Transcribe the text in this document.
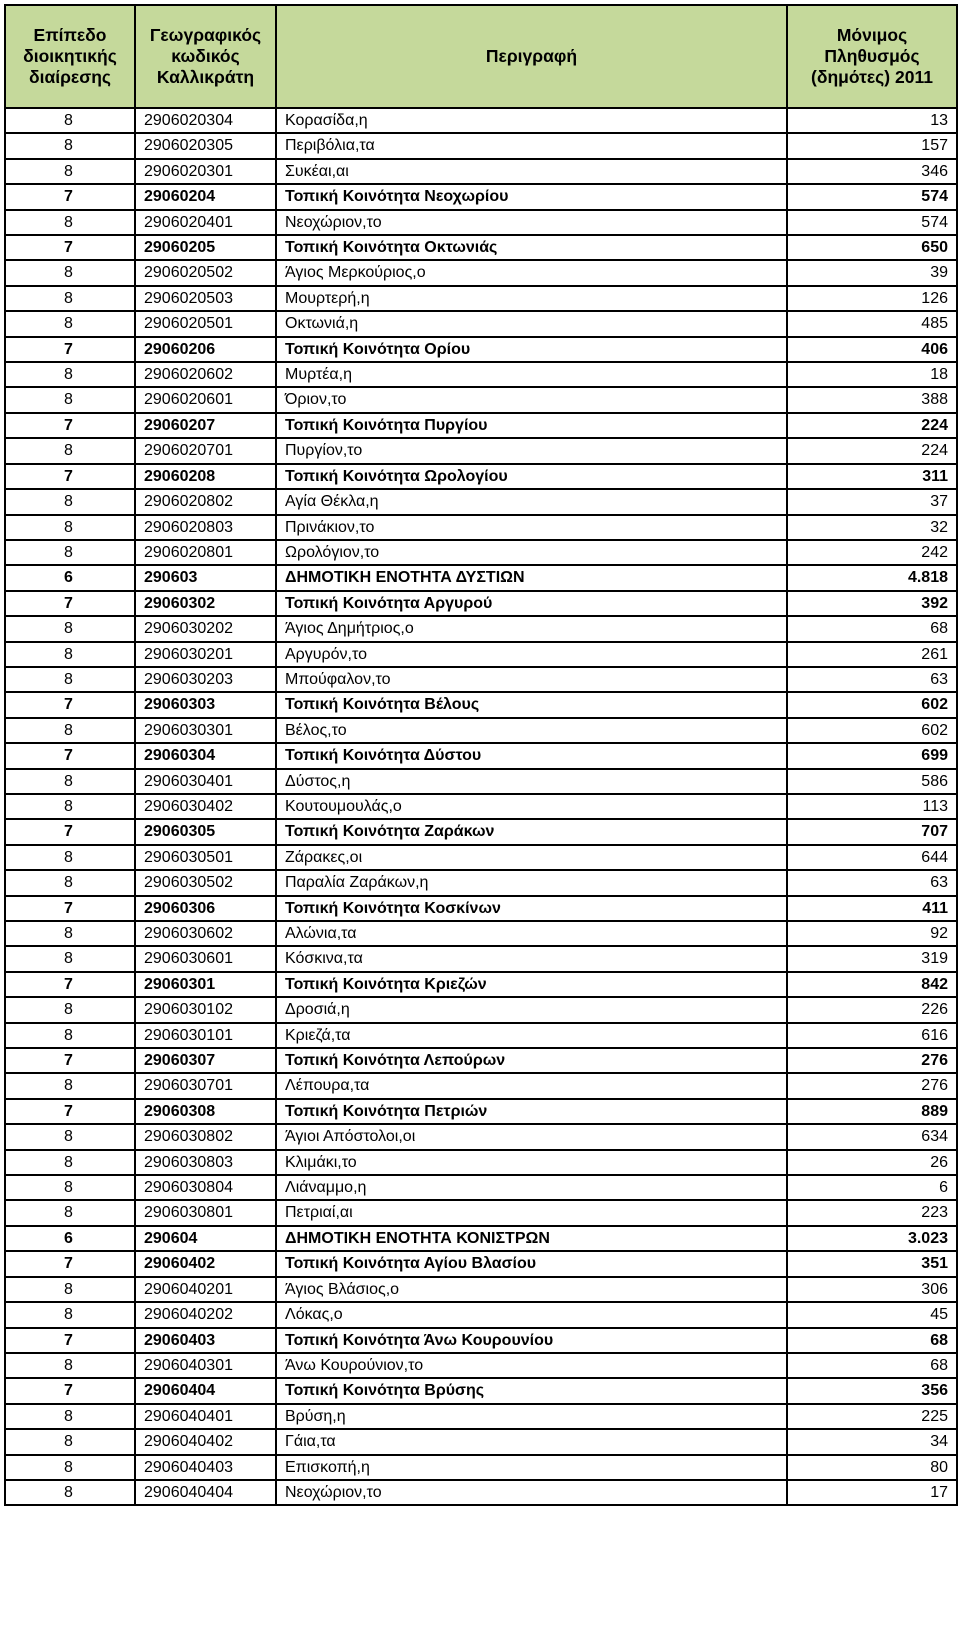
Επίπεδο διοικητικής διαίρεσης	Γεωγραφικός κωδικός Καλλικράτη	Περιγραφή	Μόνιμος Πληθυσμός (δημότες) 2011
8	2906020304	Κορασίδα,η	13
8	2906020305	Περιβόλια,τα	157
8	2906020301	Συκέαι,αι	346
7	29060204	Τοπική Κοινότητα Νεοχωρίου	574
8	2906020401	Νεοχώριον,το	574
7	29060205	Τοπική Κοινότητα Οκτωνιάς	650
8	2906020502	Άγιος Μερκούριος,ο	39
8	2906020503	Μουρτερή,η	126
8	2906020501	Οκτωνιά,η	485
7	29060206	Τοπική Κοινότητα Ορίου	406
8	2906020602	Μυρτέα,η	18
8	2906020601	Όριον,το	388
7	29060207	Τοπική Κοινότητα Πυργίου	224
8	2906020701	Πυργίον,το	224
7	29060208	Τοπική Κοινότητα Ωρολογίου	311
8	2906020802	Αγία Θέκλα,η	37
8	2906020803	Πρινάκιον,το	32
8	2906020801	Ωρολόγιον,το	242
6	290603	ΔΗΜΟΤΙΚΗ ΕΝΟΤΗΤΑ ΔΥΣΤΙΩΝ	4.818
7	29060302	Τοπική Κοινότητα Αργυρού	392
8	2906030202	Άγιος Δημήτριος,ο	68
8	2906030201	Αργυρόν,το	261
8	2906030203	Μπούφαλον,το	63
7	29060303	Τοπική Κοινότητα Βέλους	602
8	2906030301	Βέλος,το	602
7	29060304	Τοπική Κοινότητα Δύστου	699
8	2906030401	Δύστος,η	586
8	2906030402	Κουτουμουλάς,ο	113
7	29060305	Τοπική Κοινότητα Ζαράκων	707
8	2906030501	Ζάρακες,οι	644
8	2906030502	Παραλία Ζαράκων,η	63
7	29060306	Τοπική Κοινότητα Κοσκίνων	411
8	2906030602	Αλώνια,τα	92
8	2906030601	Κόσκινα,τα	319
7	29060301	Τοπική Κοινότητα Κριεζών	842
8	2906030102	Δροσιά,η	226
8	2906030101	Κριεζά,τα	616
7	29060307	Τοπική Κοινότητα Λεπούρων	276
8	2906030701	Λέπουρα,τα	276
7	29060308	Τοπική Κοινότητα Πετριών	889
8	2906030802	Άγιοι Απόστολοι,οι	634
8	2906030803	Κλιμάκι,το	26
8	2906030804	Λιάναμμο,η	6
8	2906030801	Πετριαί,αι	223
6	290604	ΔΗΜΟΤΙΚΗ ΕΝΟΤΗΤΑ ΚΟΝΙΣΤΡΩΝ	3.023
7	29060402	Τοπική Κοινότητα Αγίου Βλασίου	351
8	2906040201	Άγιος Βλάσιος,ο	306
8	2906040202	Λόκας,ο	45
7	29060403	Τοπική Κοινότητα Άνω Κουρουνίου	68
8	2906040301	Άνω Κουρούνιον,το	68
7	29060404	Τοπική Κοινότητα Βρύσης	356
8	2906040401	Βρύση,η	225
8	2906040402	Γάια,τα	34
8	2906040403	Επισκοπή,η	80
8	2906040404	Νεοχώριον,το	17
